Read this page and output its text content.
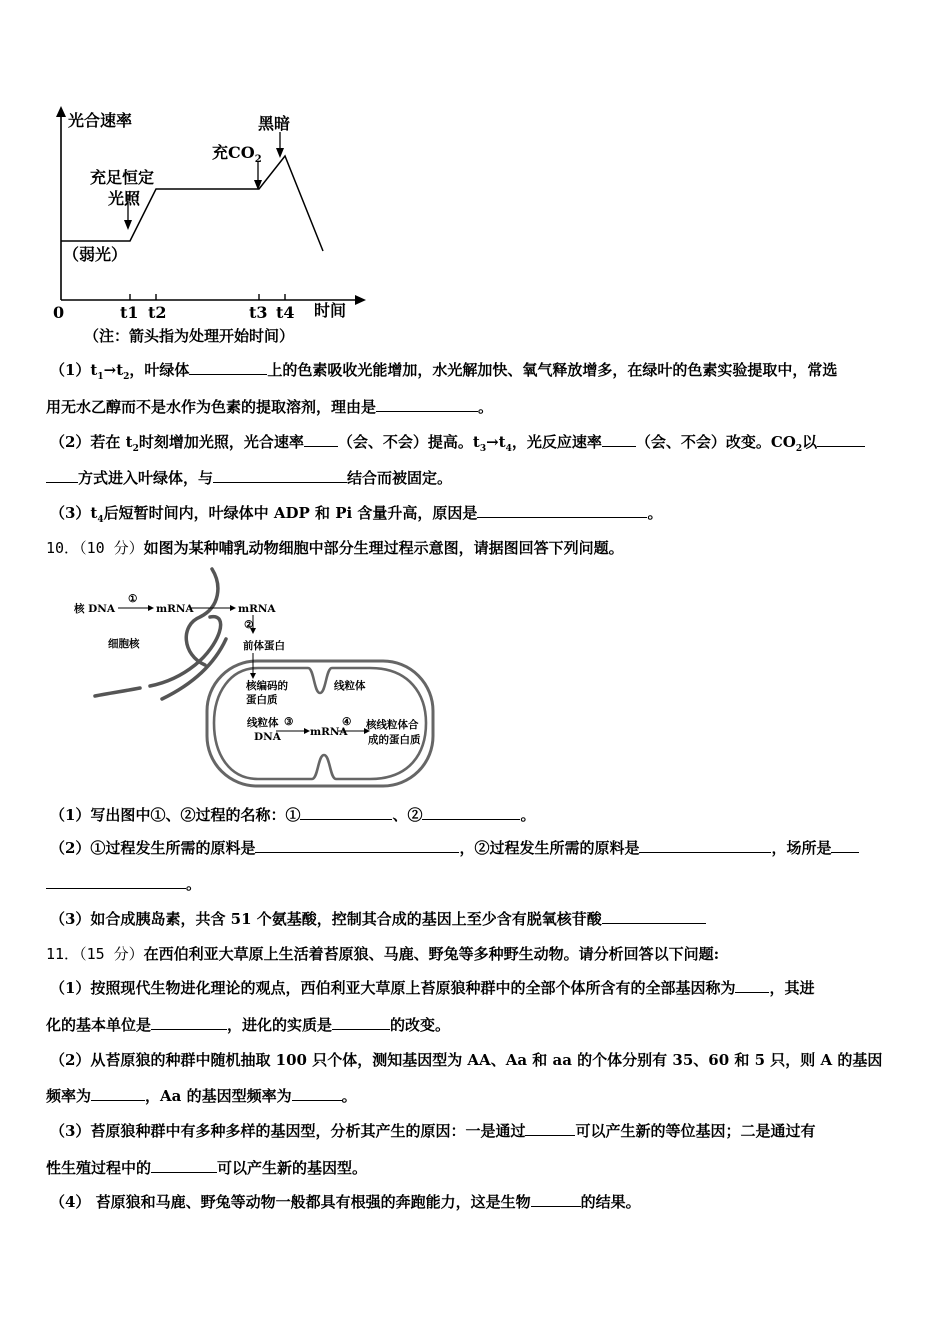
光合速率
时间
0	t1 t2	t3 t4
（弱光）
充足恒定
光照
充$CO_2$
黑暗
（注：箭头指为处理开始时间）
$(1)t_1\to t_2$，叶绿体	上的色素吸收光能增加，水光解加快、氧气释放增多，在绿叶的色素实验提取中，常选
用无水乙醇而不是水作为色素的提取溶剂，理由是	。
（2）若在 $t_2$时刻增加光照，光合速率 （会、不会）提高。$t_3\to t_4$，光反应速率 （会、不会）改变。$CO_2$以
方式进入叶绿体，与	结合而被固定。
$(3)t_4$后短暂时间内，叶绿体中 ADP 和 Pi 含量升高，原因是	。
10．（10 分）如图为某种哺乳动物细胞中部分生理过程示意图，请据图回答下列问题。
核 DNA
①
mRNA	mRNA
②
细胞核	前体蛋白
核编码的
蛋白质
线粒体
线粒体
DNA
③
mRNA
④ 核线粒体合
成的蛋白质
（1）写出图中①、②过程的名称：①	、②	。
（2）①过程发生所需的原料是	，②过程发生所需的原料是	，场所是
。
（3）如合成胰岛素，共含 51 个氨基酸，控制其合成的基因上至少含有脱氧核苷酸
11．（15 分）在西伯利亚大草原上生活着苔原狼、马鹿、野兔等多种野生动物。请分析回答以下问题:
（1）按照现代生物进化理论的观点，西伯利亚大草原上苔原狼种群中的全部个体所含有的全部基因称为 ，其进
化的基本单位是	，进化的实质是	的改变。
（2）从苔原狼的种群中随机抽取 100 只个体，测知基因型为 AA、Aa 和 aa 的个体分别有 35、60 和 5 只，则 A 的基因
频率为	，Aa 的基因型频率为	。
（3）苔原狼种群中有多种多样的基因型，分析其产生的原因：一是通过	可以产生新的等位基因；二是通过有
性生殖过程中的	可以产生新的基因型。
（4） 苔原狼和马鹿、野兔等动物一般都具有根强的奔跑能力，这是生物	的结果。
